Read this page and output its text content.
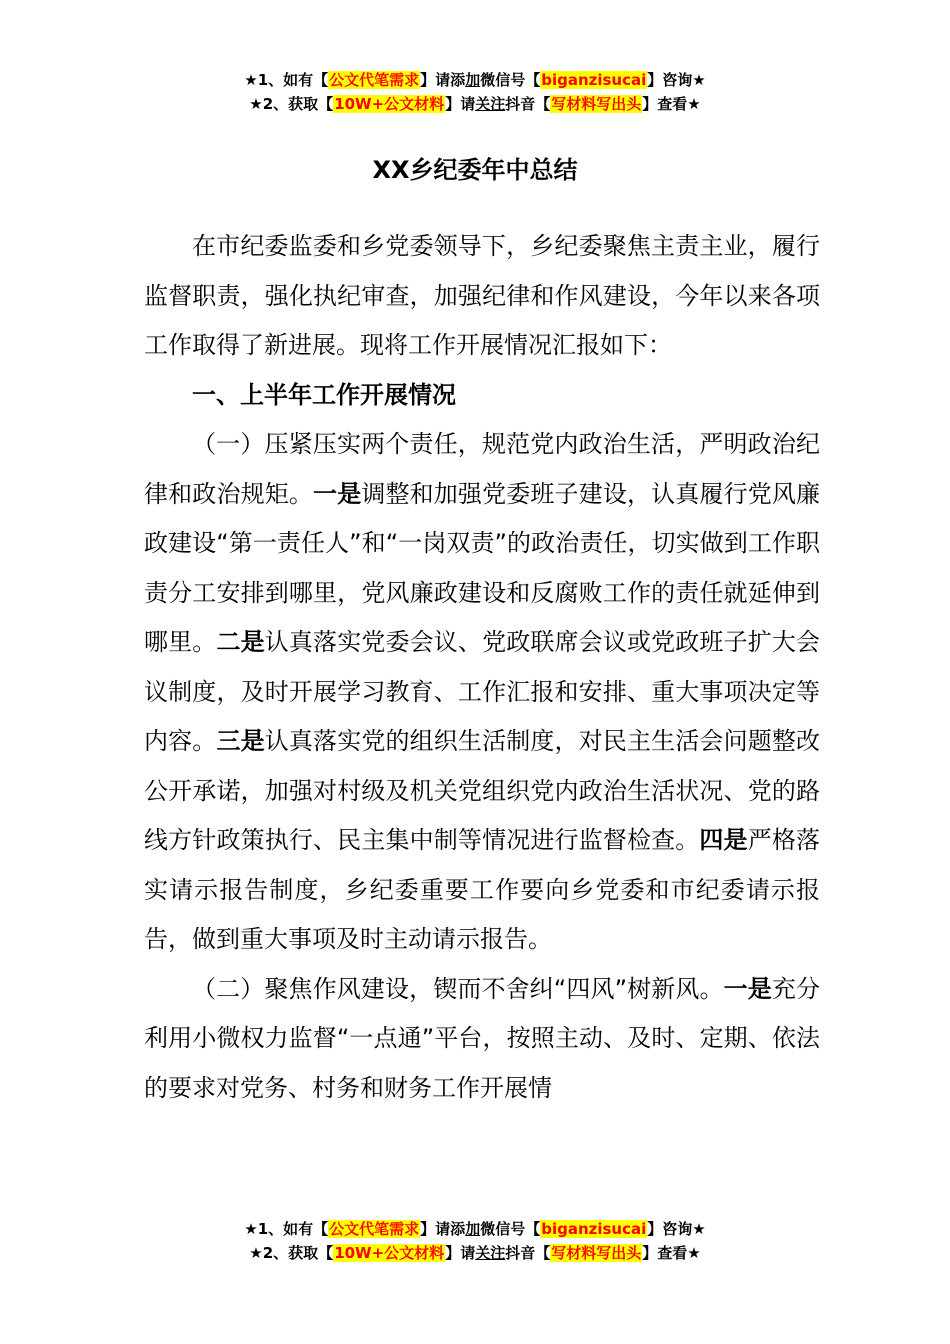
★1、如有【公文代笔需求】请添加微信号【biganzisucai】咨询★
★2、获取【10W+公文材料】请关注抖音【写材料写出头】查看★
XX乡纪委年中总结

在市纪委监委和乡党委领导下，乡纪委聚焦主责主业，履行监督职责，强化执纪审查，加强纪律和作风建设，今年以来各项工作取得了新进展。现将工作开展情况汇报如下：

一、上半年工作开展情况

（一）压紧压实两个责任，规范党内政治生活，严明政治纪律和政治规矩。一是调整和加强党委班子建设，认真履行党风廉政建设“第一责任人”和“一岗双责”的政治责任，切实做到工作职责分工安排到哪里，党风廉政建设和反腐败工作的责任就延伸到哪里。二是认真落实党委会议、党政联席会议或党政班子扩大会议制度，及时开展学习教育、工作汇报和安排、重大事项决定等内容。三是认真落实党的组织生活制度，对民主生活会问题整改公开承诺，加强对村级及机关党组织党内政治生活状况、党的路线方针政策执行、民主集中制等情况进行监督检查。四是严格落实请示报告制度，乡纪委重要工作要向乡党委和市纪委请示报告，做到重大事项及时主动请示报告。

（二）聚焦作风建设，锲而不舍纠“四风”树新风。一是充分利用小微权力监督“一点通”平台，按照主动、及时、定期、依法的要求对党务、村务和财务工作开展情

★1、如有【公文代笔需求】请添加微信号【biganzisucai】咨询★
★2、获取【10W+公文材料】请关注抖音【写材料写出头】查看★
